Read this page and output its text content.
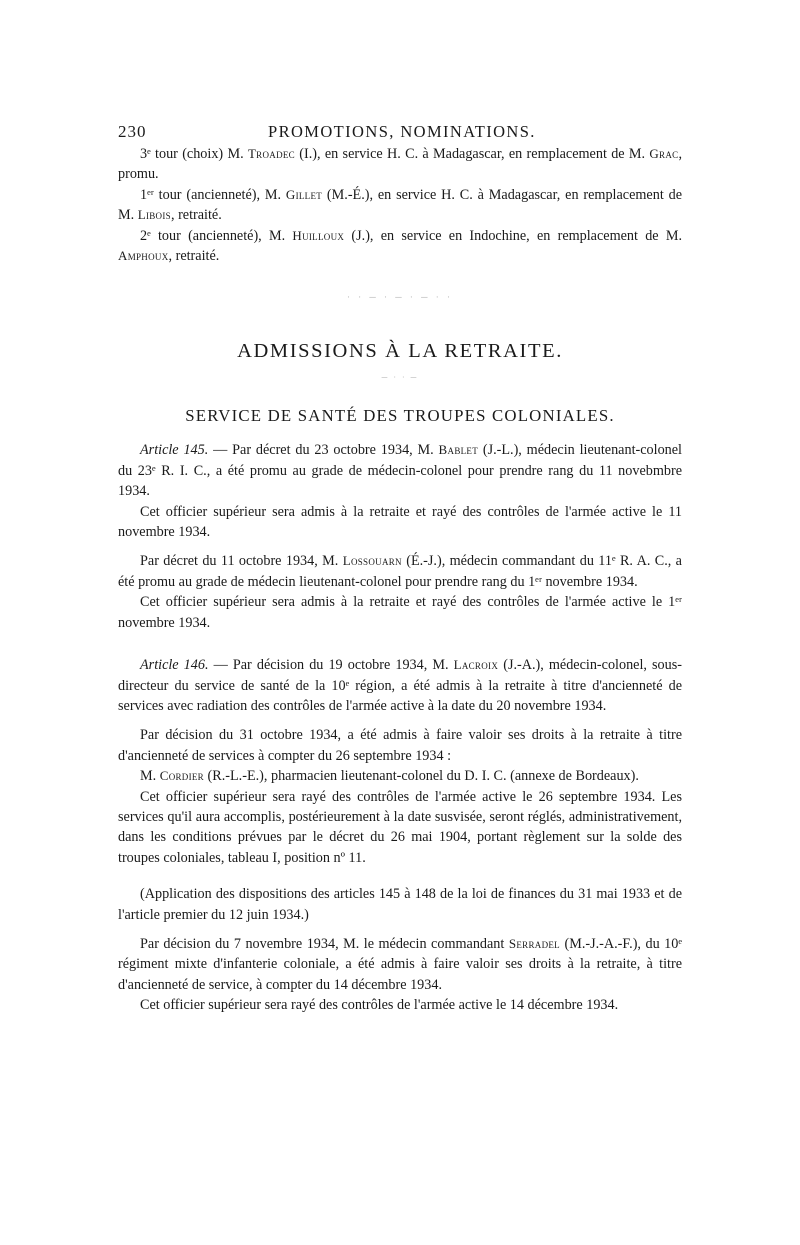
230	PROMOTIONS, NOMINATIONS.

3ᵉ tour (choix) M. Troadec (I.), en service H. C. à Madagascar, en remplacement de M. Grac, promu.

1ᵉʳ tour (ancienneté), M. Gillet (M.-É.), en service H. C. à Madagascar, en remplacement de M. Libois, retraité.

2ᵉ tour (ancienneté), M. Huilloux (J.), en service en Indochine, en remplacement de M. Amphoux, retraité.

· · ─ · ─ · ─ · ·
ADMISSIONS À LA RETRAITE.
─ · · ─
SERVICE DE SANTÉ DES TROUPES COLONIALES.

Article 145. — Par décret du 23 octobre 1934, M. Bablet (J.-L.), médecin lieutenant-colonel du 23ᵉ R. I. C., a été promu au grade de médecin-colonel pour prendre rang du 11 novebmbre 1934.

Cet officier supérieur sera admis à la retraite et rayé des contrôles de l'armée active le 11 novembre 1934.

Par décret du 11 octobre 1934, M. Lossouarn (É.-J.), médecin commandant du 11ᵉ R. A. C., a été promu au grade de médecin lieutenant-colonel pour prendre rang du 1ᵉʳ novembre 1934.

Cet officier supérieur sera admis à la retraite et rayé des contrôles de l'armée active le 1ᵉʳ novembre 1934.

Article 146. — Par décision du 19 octobre 1934, M. Lacroix (J.-A.), médecin-colonel, sous-directeur du service de santé de la 10ᵉ région, a été admis à la retraite à titre d'ancienneté de services avec radiation des contrôles de l'armée active à la date du 20 novembre 1934.

Par décision du 31 octobre 1934, a été admis à faire valoir ses droits à la retraite à titre d'ancienneté de services à compter du 26 septembre 1934 :

M. Cordier (R.-L.-E.), pharmacien lieutenant-colonel du D. I. C. (annexe de Bordeaux).

Cet officier supérieur sera rayé des contrôles de l'armée active le 26 septembre 1934. Les services qu'il aura accomplis, postérieurement à la date susvisée, seront réglés, administrativement, dans les conditions prévues par le décret du 26 mai 1904, portant règlement sur la solde des troupes coloniales, tableau I, position nº 11.

(Application des dispositions des articles 145 à 148 de la loi de finances du 31 mai 1933 et de l'article premier du 12 juin 1934.)

Par décision du 7 novembre 1934, M. le médecin commandant Serradel (M.-J.-A.-F.), du 10ᵉ régiment mixte d'infanterie coloniale, a été admis à faire valoir ses droits à la retraite, à titre d'ancienneté de service, à compter du 14 décembre 1934.

Cet officier supérieur sera rayé des contrôles de l'armée active le 14 décembre 1934.
